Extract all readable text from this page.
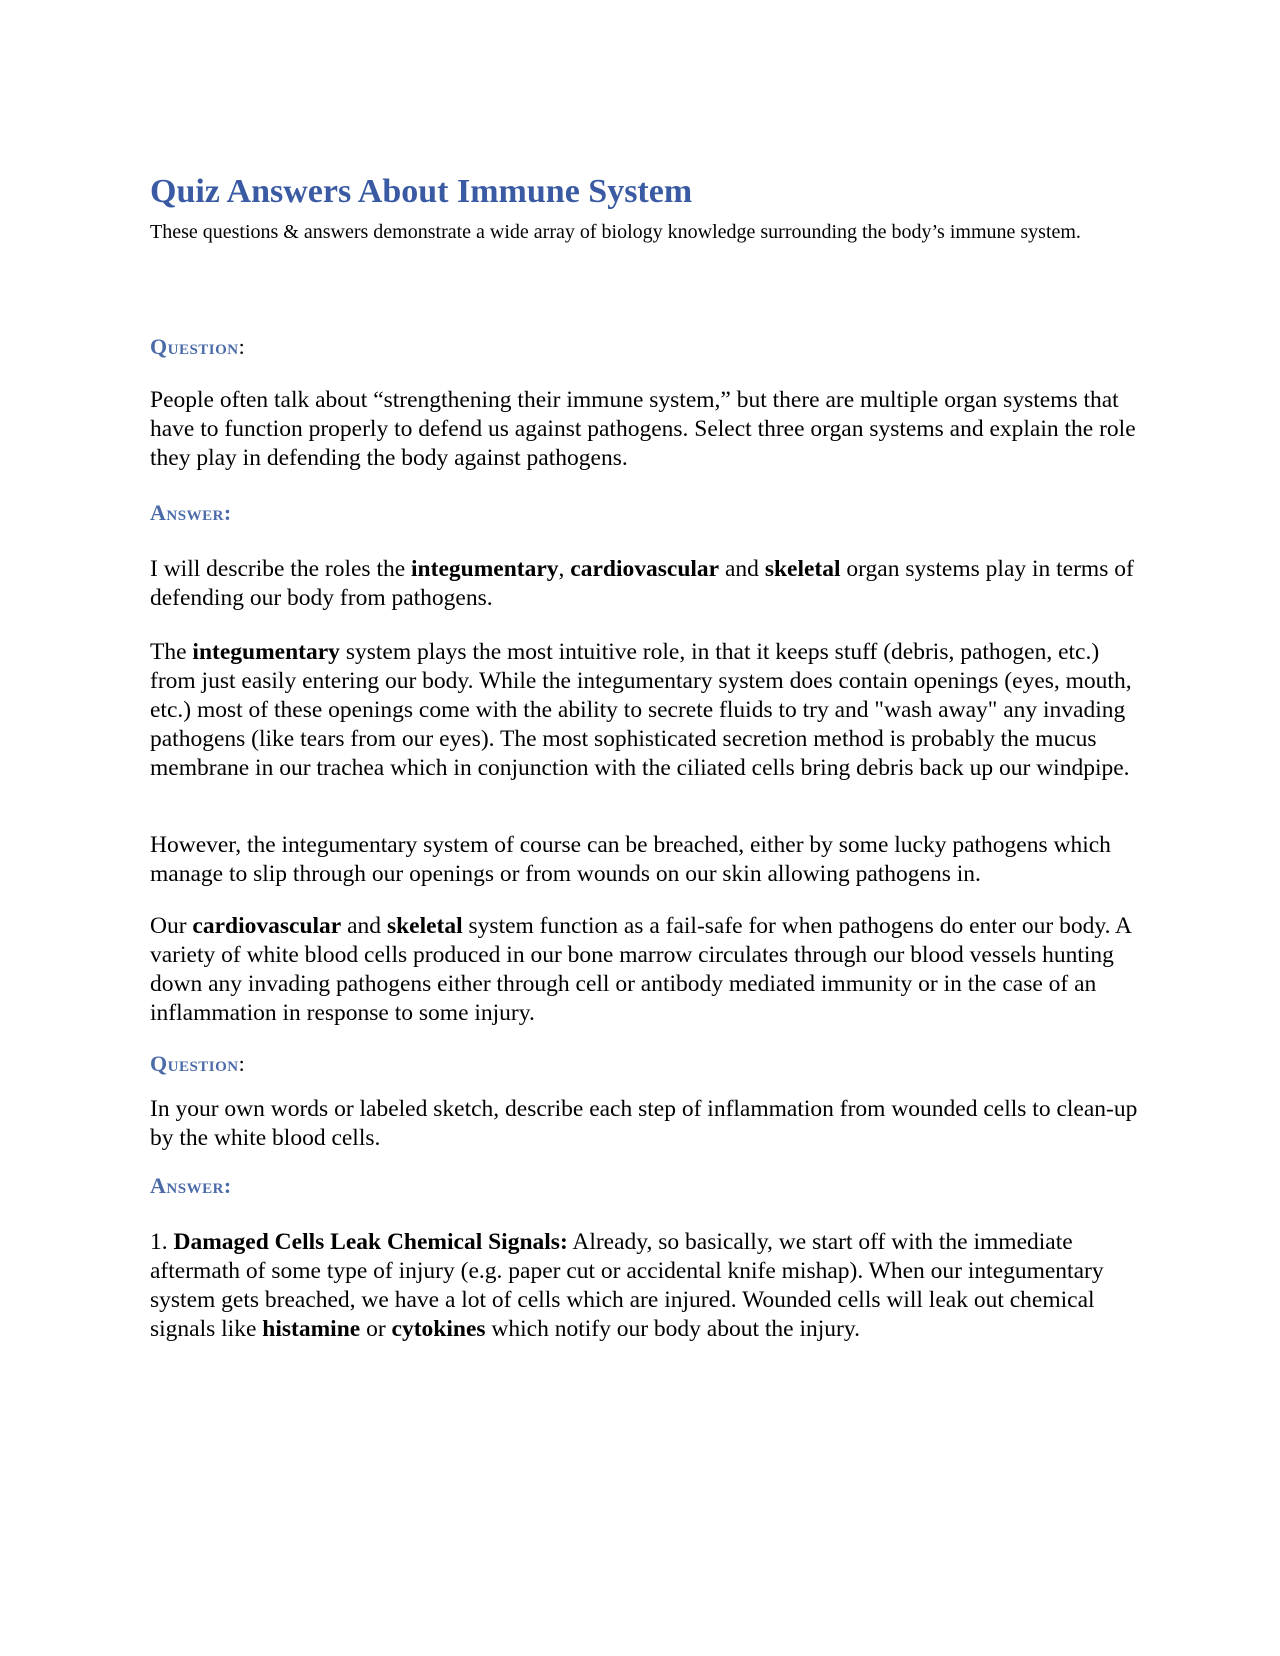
Quiz Answers About Immune System

These questions & answers demonstrate a wide array of biology knowledge surrounding the body’s immune system.

Question:

People often talk about “strengthening their immune system,” but there are multiple organ systems that have to function properly to defend us against pathogens. Select three organ systems and explain the role they play in defending the body against pathogens.

Answer:

I will describe the roles the integumentary, cardiovascular and skeletal organ systems play in terms of defending our body from pathogens.

The integumentary system plays the most intuitive role, in that it keeps stuff (debris, pathogen, etc.) from just easily entering our body. While the integumentary system does contain openings (eyes, mouth, etc.) most of these openings come with the ability to secrete fluids to try and "wash away" any invading pathogens (like tears from our eyes). The most sophisticated secretion method is probably the mucus membrane in our trachea which in conjunction with the ciliated cells bring debris back up our windpipe.

However, the integumentary system of course can be breached, either by some lucky pathogens which manage to slip through our openings or from wounds on our skin allowing pathogens in.

Our cardiovascular and skeletal system function as a fail-safe for when pathogens do enter our body. A variety of white blood cells produced in our bone marrow circulates through our blood vessels hunting down any invading pathogens either through cell or antibody mediated immunity or in the case of an inflammation in response to some injury.

Question:

In your own words or labeled sketch, describe each step of inflammation from wounded cells to clean-up by the white blood cells.

Answer:

1. Damaged Cells Leak Chemical Signals: Already, so basically, we start off with the immediate aftermath of some type of injury (e.g. paper cut or accidental knife mishap). When our integumentary system gets breached, we have a lot of cells which are injured. Wounded cells will leak out chemical signals like histamine or cytokines which notify our body about the injury.
